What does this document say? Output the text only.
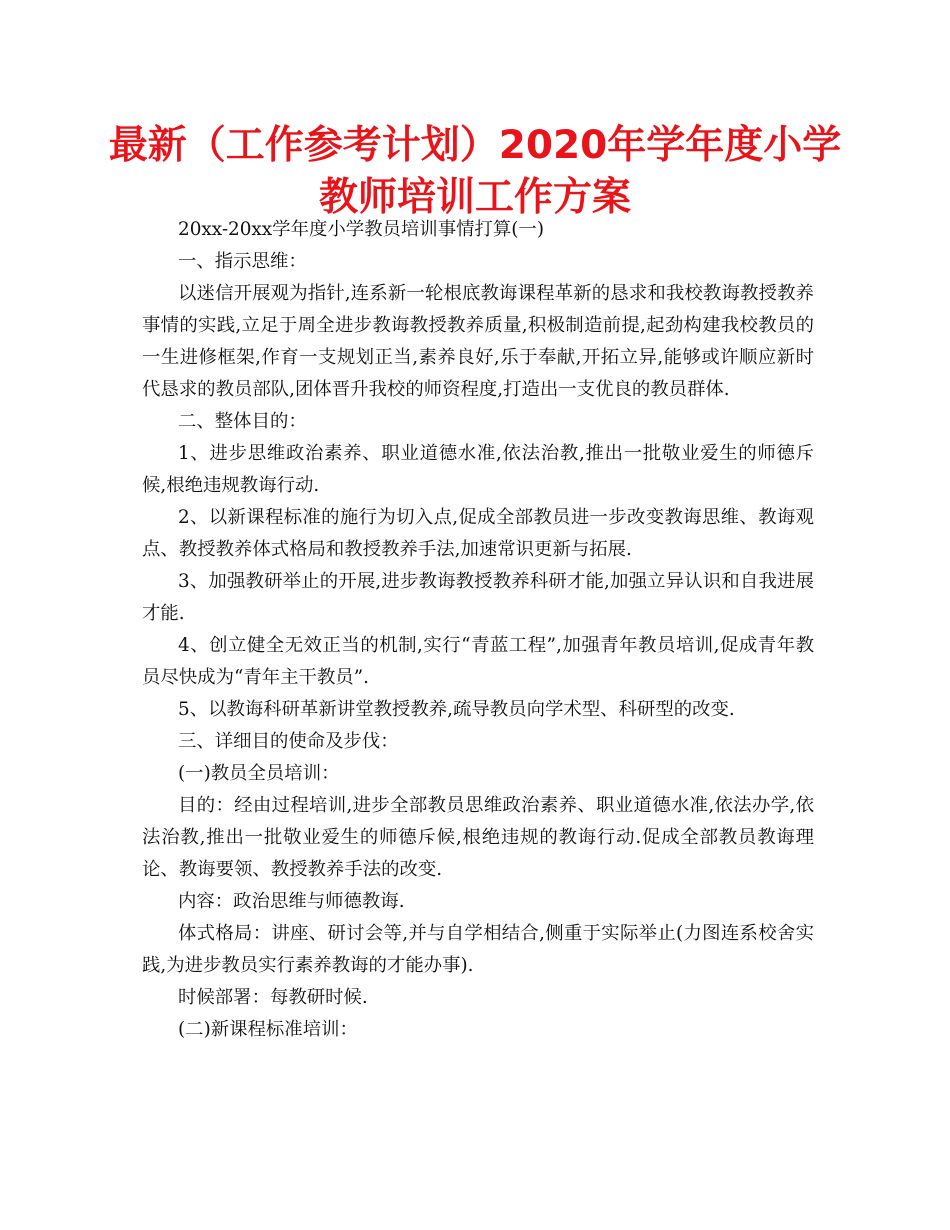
最新（工作参考计划）2020年学年度小学
教师培训工作方案

20xx-20xx学年度小学教员培训事情打算(一)

一、指示思维：

以迷信开展观为指针,连系新一轮根底教诲课程革新的恳求和我校教诲教授教养事情的实践,立足于周全进步教诲教授教养质量,积极制造前提,起劲构建我校教员的一生进修框架,作育一支规划正当,素养良好,乐于奉献,开拓立异,能够或许顺应新时代恳求的教员部队,团体晋升我校的师资程度,打造出一支优良的教员群体.

二、整体目的：

1、进步思维政治素养、职业道德水准,依法治教,推出一批敬业爱生的师德斥候,根绝违规教诲行动.

2、以新课程标准的施行为切入点,促成全部教员进一步改变教诲思维、教诲观点、教授教养体式格局和教授教养手法,加速常识更新与拓展.

3、加强教研举止的开展,进步教诲教授教养科研才能,加强立异认识和自我进展才能.

4、创立健全无效正当的机制,实行“青蓝工程”,加强青年教员培训,促成青年教员尽快成为“青年主干教员”.

5、以教诲科研革新讲堂教授教养,疏导教员向学术型、科研型的改变.

三、详细目的使命及步伐：

(一)教员全员培训：

目的：经由过程培训,进步全部教员思维政治素养、职业道德水准,依法办学,依法治教,推出一批敬业爱生的师德斥候,根绝违规的教诲行动.促成全部教员教诲理论、教诲要领、教授教养手法的改变.

内容：政治思维与师德教诲.

体式格局：讲座、研讨会等,并与自学相结合,侧重于实际举止(力图连系校舍实践,为进步教员实行素养教诲的才能办事).

时候部署：每教研时候.

(二)新课程标准培训：
